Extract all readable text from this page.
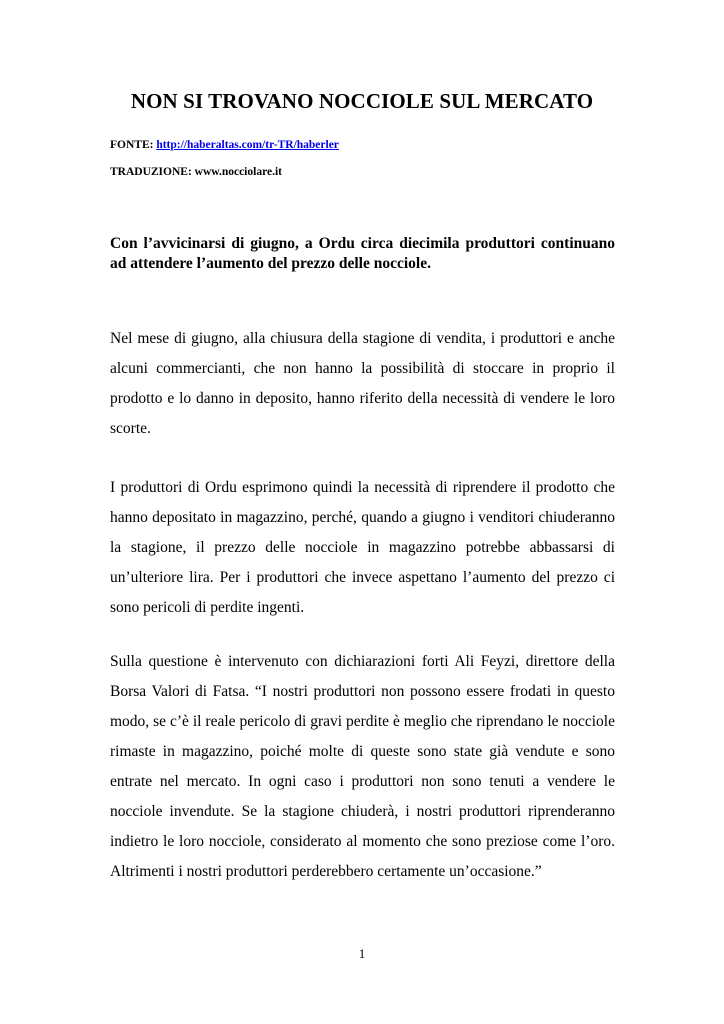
NON SI TROVANO NOCCIOLE SUL MERCATO
FONTE: http://haberaltas.com/tr-TR/haberler
TRADUZIONE: www.nocciolare.it

Con l’avvicinarsi di giugno, a Ordu circa diecimila produttori continuano ad attendere l’aumento del prezzo delle nocciole.

Nel mese di giugno, alla chiusura della stagione di vendita, i produttori e anche alcuni commercianti, che non hanno la possibilità di stoccare in proprio il prodotto e lo danno in deposito, hanno riferito della necessità di vendere le loro scorte.

I produttori di Ordu esprimono quindi la necessità di riprendere il prodotto che hanno depositato in magazzino, perché, quando a giugno i venditori chiuderanno la stagione, il prezzo delle nocciole in magazzino potrebbe abbassarsi di un’ulteriore lira. Per i produttori che invece aspettano l’aumento del prezzo ci sono pericoli di perdite ingenti.

Sulla questione è intervenuto con dichiarazioni forti Ali Feyzi, direttore della Borsa Valori di Fatsa. “I nostri produttori non possono essere frodati in questo modo, se c’è il reale pericolo di gravi perdite è meglio che riprendano le nocciole rimaste in magazzino, poiché molte di queste sono state già vendute e sono entrate nel mercato. In ogni caso i produttori non sono tenuti a vendere le nocciole invendute. Se la stagione chiuderà, i nostri produttori riprenderanno indietro le loro nocciole, considerato al momento che sono preziose come l’oro. Altrimenti i nostri produttori perderebbero certamente un’occasione.”

1
